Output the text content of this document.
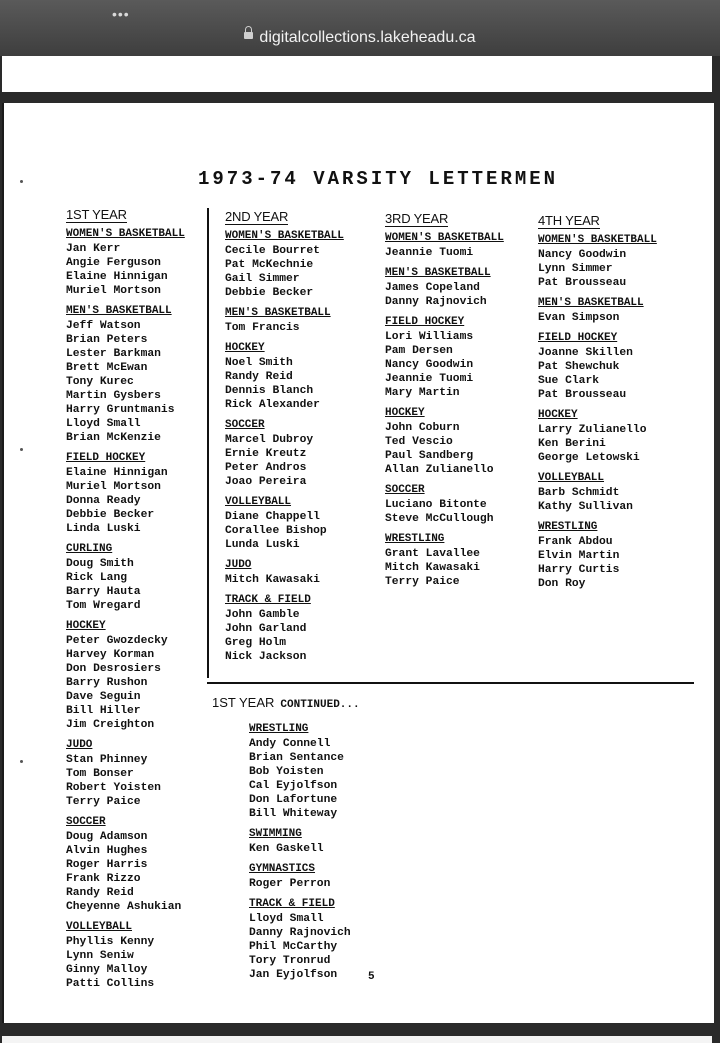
•••
digitalcollections.lakeheadu.ca
1973-74 VARSITY LETTERMEN
1ST YEAR
WOMEN'S BASKETBALL
Jan Kerr
Angie Ferguson
Elaine Hinnigan
Muriel Mortson
MEN'S BASKETBALL
Jeff Watson
Brian Peters
Lester Barkman
Brett McEwan
Tony Kurec
Martin Gysbers
Harry Gruntmanis
Lloyd Small
Brian McKenzie
FIELD HOCKEY
Elaine Hinnigan
Muriel Mortson
Donna Ready
Debbie Becker
Linda Luski
CURLING
Doug Smith
Rick Lang
Barry Hauta
Tom Wregard
HOCKEY
Peter Gwozdecky
Harvey Korman
Don Desrosiers
Barry Rushon
Dave Seguin
Bill Hiller
Jim Creighton
JUDO
Stan Phinney
Tom Bonser
Robert Yoisten
Terry Paice
SOCCER
Doug Adamson
Alvin Hughes
Roger Harris
Frank Rizzo
Randy Reid
Cheyenne Ashukian
VOLLEYBALL
Phyllis Kenny
Lynn Seniw
Ginny Malloy
Patti Collins
2ND YEAR
WOMEN'S BASKETBALL
Cecile Bourret
Pat McKechnie
Gail Simmer
Debbie Becker
MEN'S BASKETBALL
Tom Francis
HOCKEY
Noel Smith
Randy Reid
Dennis Blanch
Rick Alexander
SOCCER
Marcel Dubroy
Ernie Kreutz
Peter Andros
Joao Pereira
VOLLEYBALL
Diane Chappell
Corallee Bishop
Lunda Luski
JUDO
Mitch Kawasaki
TRACK & FIELD
John Gamble
John Garland
Greg Holm
Nick Jackson
3RD YEAR
WOMEN'S BASKETBALL
Jeannie Tuomi
MEN'S BASKETBALL
James Copeland
Danny Rajnovich
FIELD HOCKEY
Lori Williams
Pam Dersen
Nancy Goodwin
Jeannie Tuomi
Mary Martin
HOCKEY
John Coburn
Ted Vescio
Paul Sandberg
Allan Zulianello
SOCCER
Luciano Bitonte
Steve McCullough
WRESTLING
Grant Lavallee
Mitch Kawasaki
Terry Paice
4TH YEAR
WOMEN'S BASKETBALL
Nancy Goodwin
Lynn Simmer
Pat Brousseau
MEN'S BASKETBALL
Evan Simpson
FIELD HOCKEY
Joanne Skillen
Pat Shewchuk
Sue Clark
Pat Brousseau
HOCKEY
Larry Zulianello
Ken Berini
George Letowski
VOLLEYBALL
Barb Schmidt
Kathy Sullivan
WRESTLING
Frank Abdou
Elvin Martin
Harry Curtis
Don Roy
1ST YEAR CONTINUED...
WRESTLING
Andy Connell
Brian Sentance
Bob Yoisten
Cal Eyjolfson
Don Lafortune
Bill Whiteway
SWIMMING
Ken Gaskell
GYMNASTICS
Roger Perron
TRACK & FIELD
Lloyd Small
Danny Rajnovich
Phil McCarthy
Tory Tronrud
Jan Eyjolfson	5
